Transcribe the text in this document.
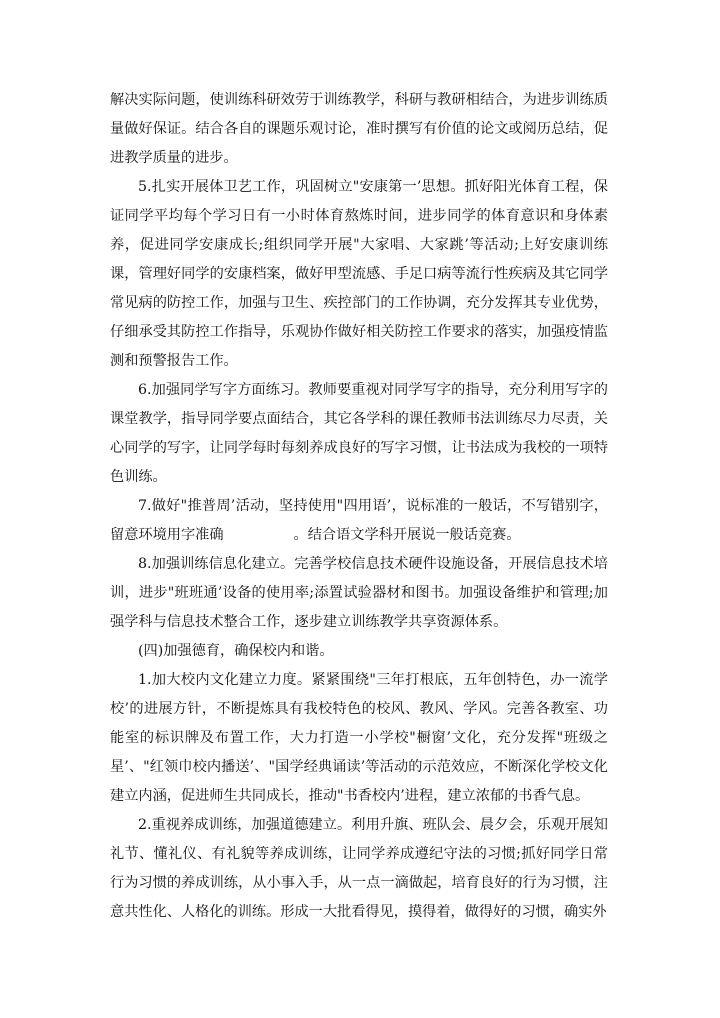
解决实际问题，使训练科研效劳于训练教学，科研与教研相结合，为进步训练质量做好保证。结合各自的课题乐观讨论，准时撰写有价值的论文或阅历总结，促进教学质量的进步。

5.扎实开展体卫艺工作，巩固树立"安康第一’思想。抓好阳光体育工程，保证同学平均每个学习日有一小时体育熬炼时间，进步同学的体育意识和身体素养，促进同学安康成长;组织同学开展"大家唱、大家跳’等活动;上好安康训练课，管理好同学的安康档案，做好甲型流感、手足口病等流行性疾病及其它同学常见病的防控工作，加强与卫生、疾控部门的工作协调，充分发挥其专业优势，仔细承受其防控工作指导，乐观协作做好相关防控工作要求的落实，加强疫情监测和预警报告工作。

6.加强同学写字方面练习。教师要重视对同学写字的指导，充分利用写字的课堂教学，指导同学要点面结合，其它各学科的课任教师书法训练尽力尽责，关心同学的写字，让同学每时每刻养成良好的写字习惯，让书法成为我校的一项特色训练。

7.做好"推普周’活动，坚持使用"四用语’，说标准的一般话，不写错别字，留意环境用字准确	。结合语文学科开展说一般话竞赛。

8.加强训练信息化建立。完善学校信息技术硬件设施设备，开展信息技术培训，进步"班班通’设备的使用率;添置试验器材和图书。加强设备维护和管理;加强学科与信息技术整合工作，逐步建立训练教学共享资源体系。

(四)加强德育，确保校内和谐。

1.加大校内文化建立力度。紧紧围绕"三年打根底，五年创特色，办一流学校’的进展方针，不断提炼具有我校特色的校风、教风、学风。完善各教室、功能室的标识牌及布置工作，大力打造一小学校"橱窗’文化，充分发挥"班级之星’、"红领巾校内播送’、"国学经典诵读’等活动的示范效应，不断深化学校文化建立内涵，促进师生共同成长，推动"书香校内’进程，建立浓郁的书香气息。

2.重视养成训练，加强道德建立。利用升旗、班队会、晨夕会，乐观开展知礼节、懂礼仪、有礼貌等养成训练，让同学养成遵纪守法的习惯;抓好同学日常行为习惯的养成训练，从小事入手，从一点一滴做起，培育良好的行为习惯，注意共性化、人格化的训练。形成一大批看得见，摸得着，做得好的习惯，确实外
